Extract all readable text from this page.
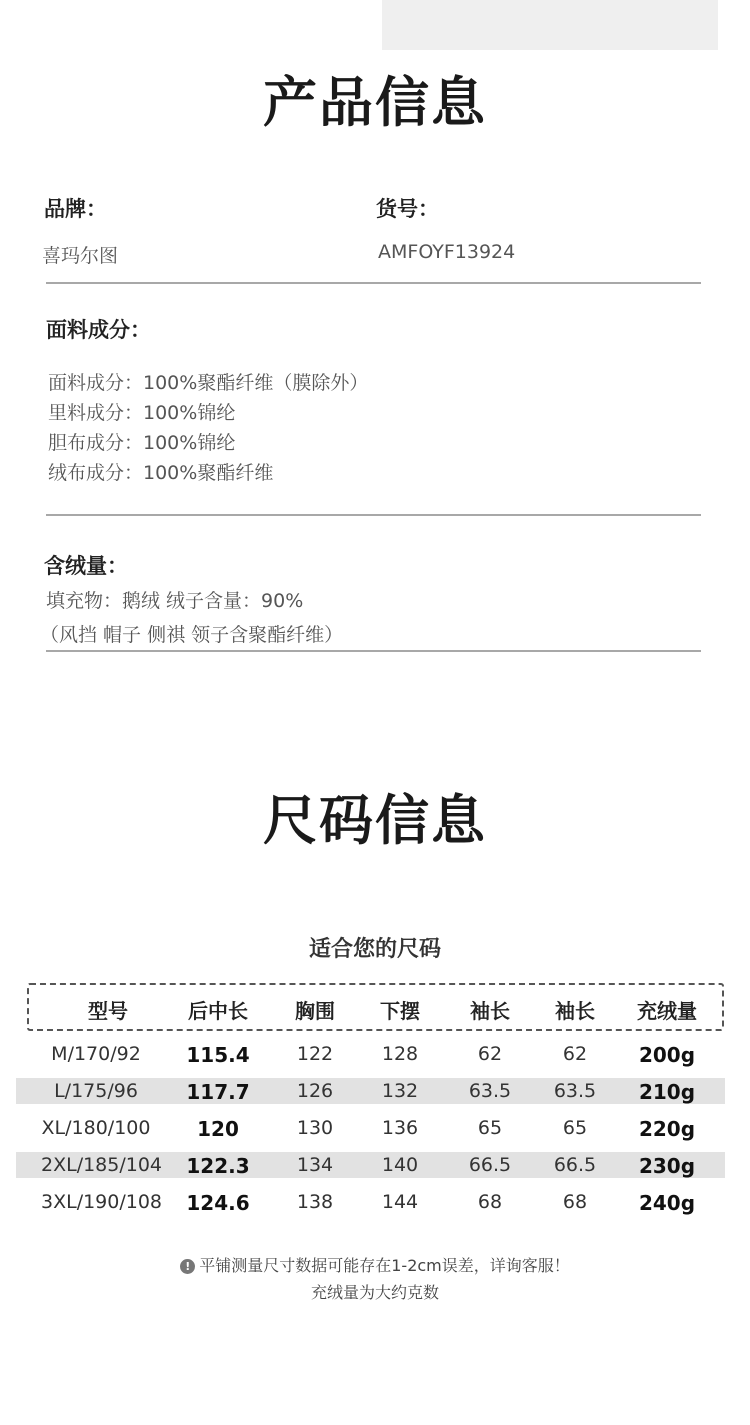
产品信息
品牌：
喜玛尔图
货号：
AMFOYF13924
面料成分：
面料成分：100%聚酯纤维（膜除外）
里料成分：100%锦纶
胆布成分：100%锦纶
绒布成分：100%聚酯纤维
含绒量：
填充物：鹅绒 绒子含量：90%
（风挡 帽子 侧祺 领子含聚酯纤维）
尺码信息
适合您的尺码
型号	后中长	胸围	下摆	袖长	袖长	充绒量
M/170/92	115.4	122	128	62	62	200g
L/175/96	117.7	126	132	63.5	63.5	210g
XL/180/100	120	130	136	65	65	220g
2XL/185/104	122.3	134	140	66.5	66.5	230g
3XL/190/108	124.6	138	144	68	68	240g
! 平铺测量尺寸数据可能存在1-2cm误差，详询客服！
充绒量为大约克数
